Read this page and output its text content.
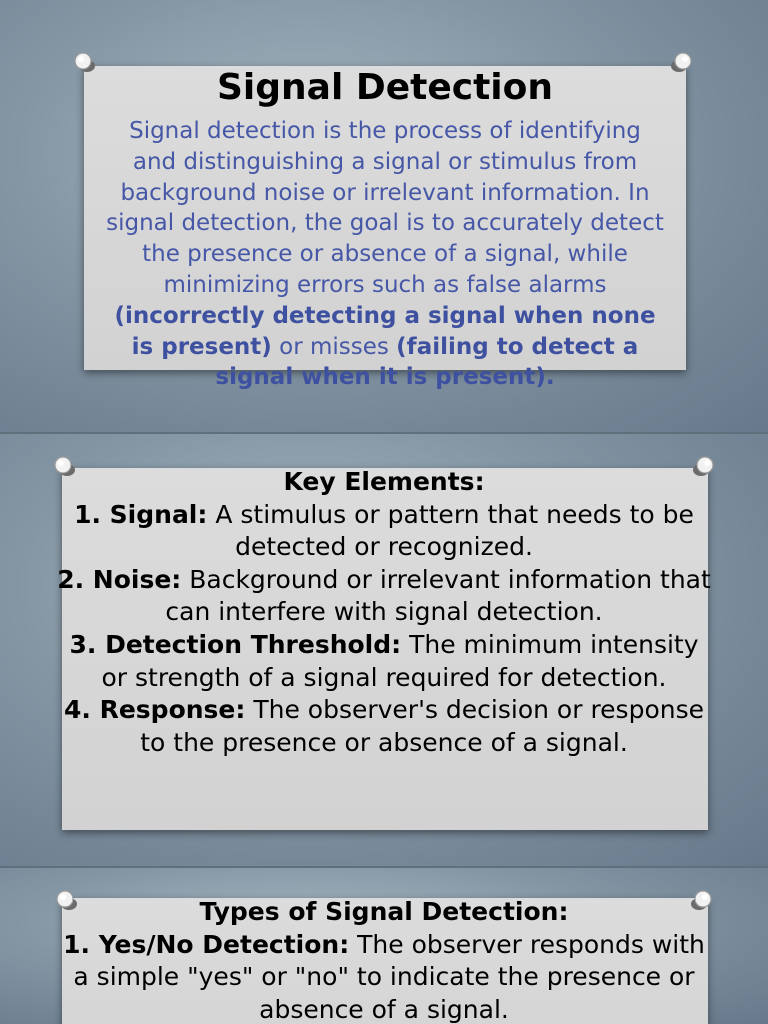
Signal Detection

Signal detection is the process of identifying and distinguishing a signal or stimulus from background noise or irrelevant information. In signal detection, the goal is to accurately detect the presence or absence of a signal, while minimizing errors such as false alarms (incorrectly detecting a signal when none is present) or misses (failing to detect a signal when it is present).

Key Elements:
1. Signal: A stimulus or pattern that needs to be detected or recognized.
2. Noise: Background or irrelevant information that can interfere with signal detection.
3. Detection Threshold: The minimum intensity or strength of a signal required for detection.
4. Response: The observer's decision or response to the presence or absence of a signal.

Types of Signal Detection:
1. Yes/No Detection: The observer responds with a simple "yes" or "no" to indicate the presence or absence of a signal.
